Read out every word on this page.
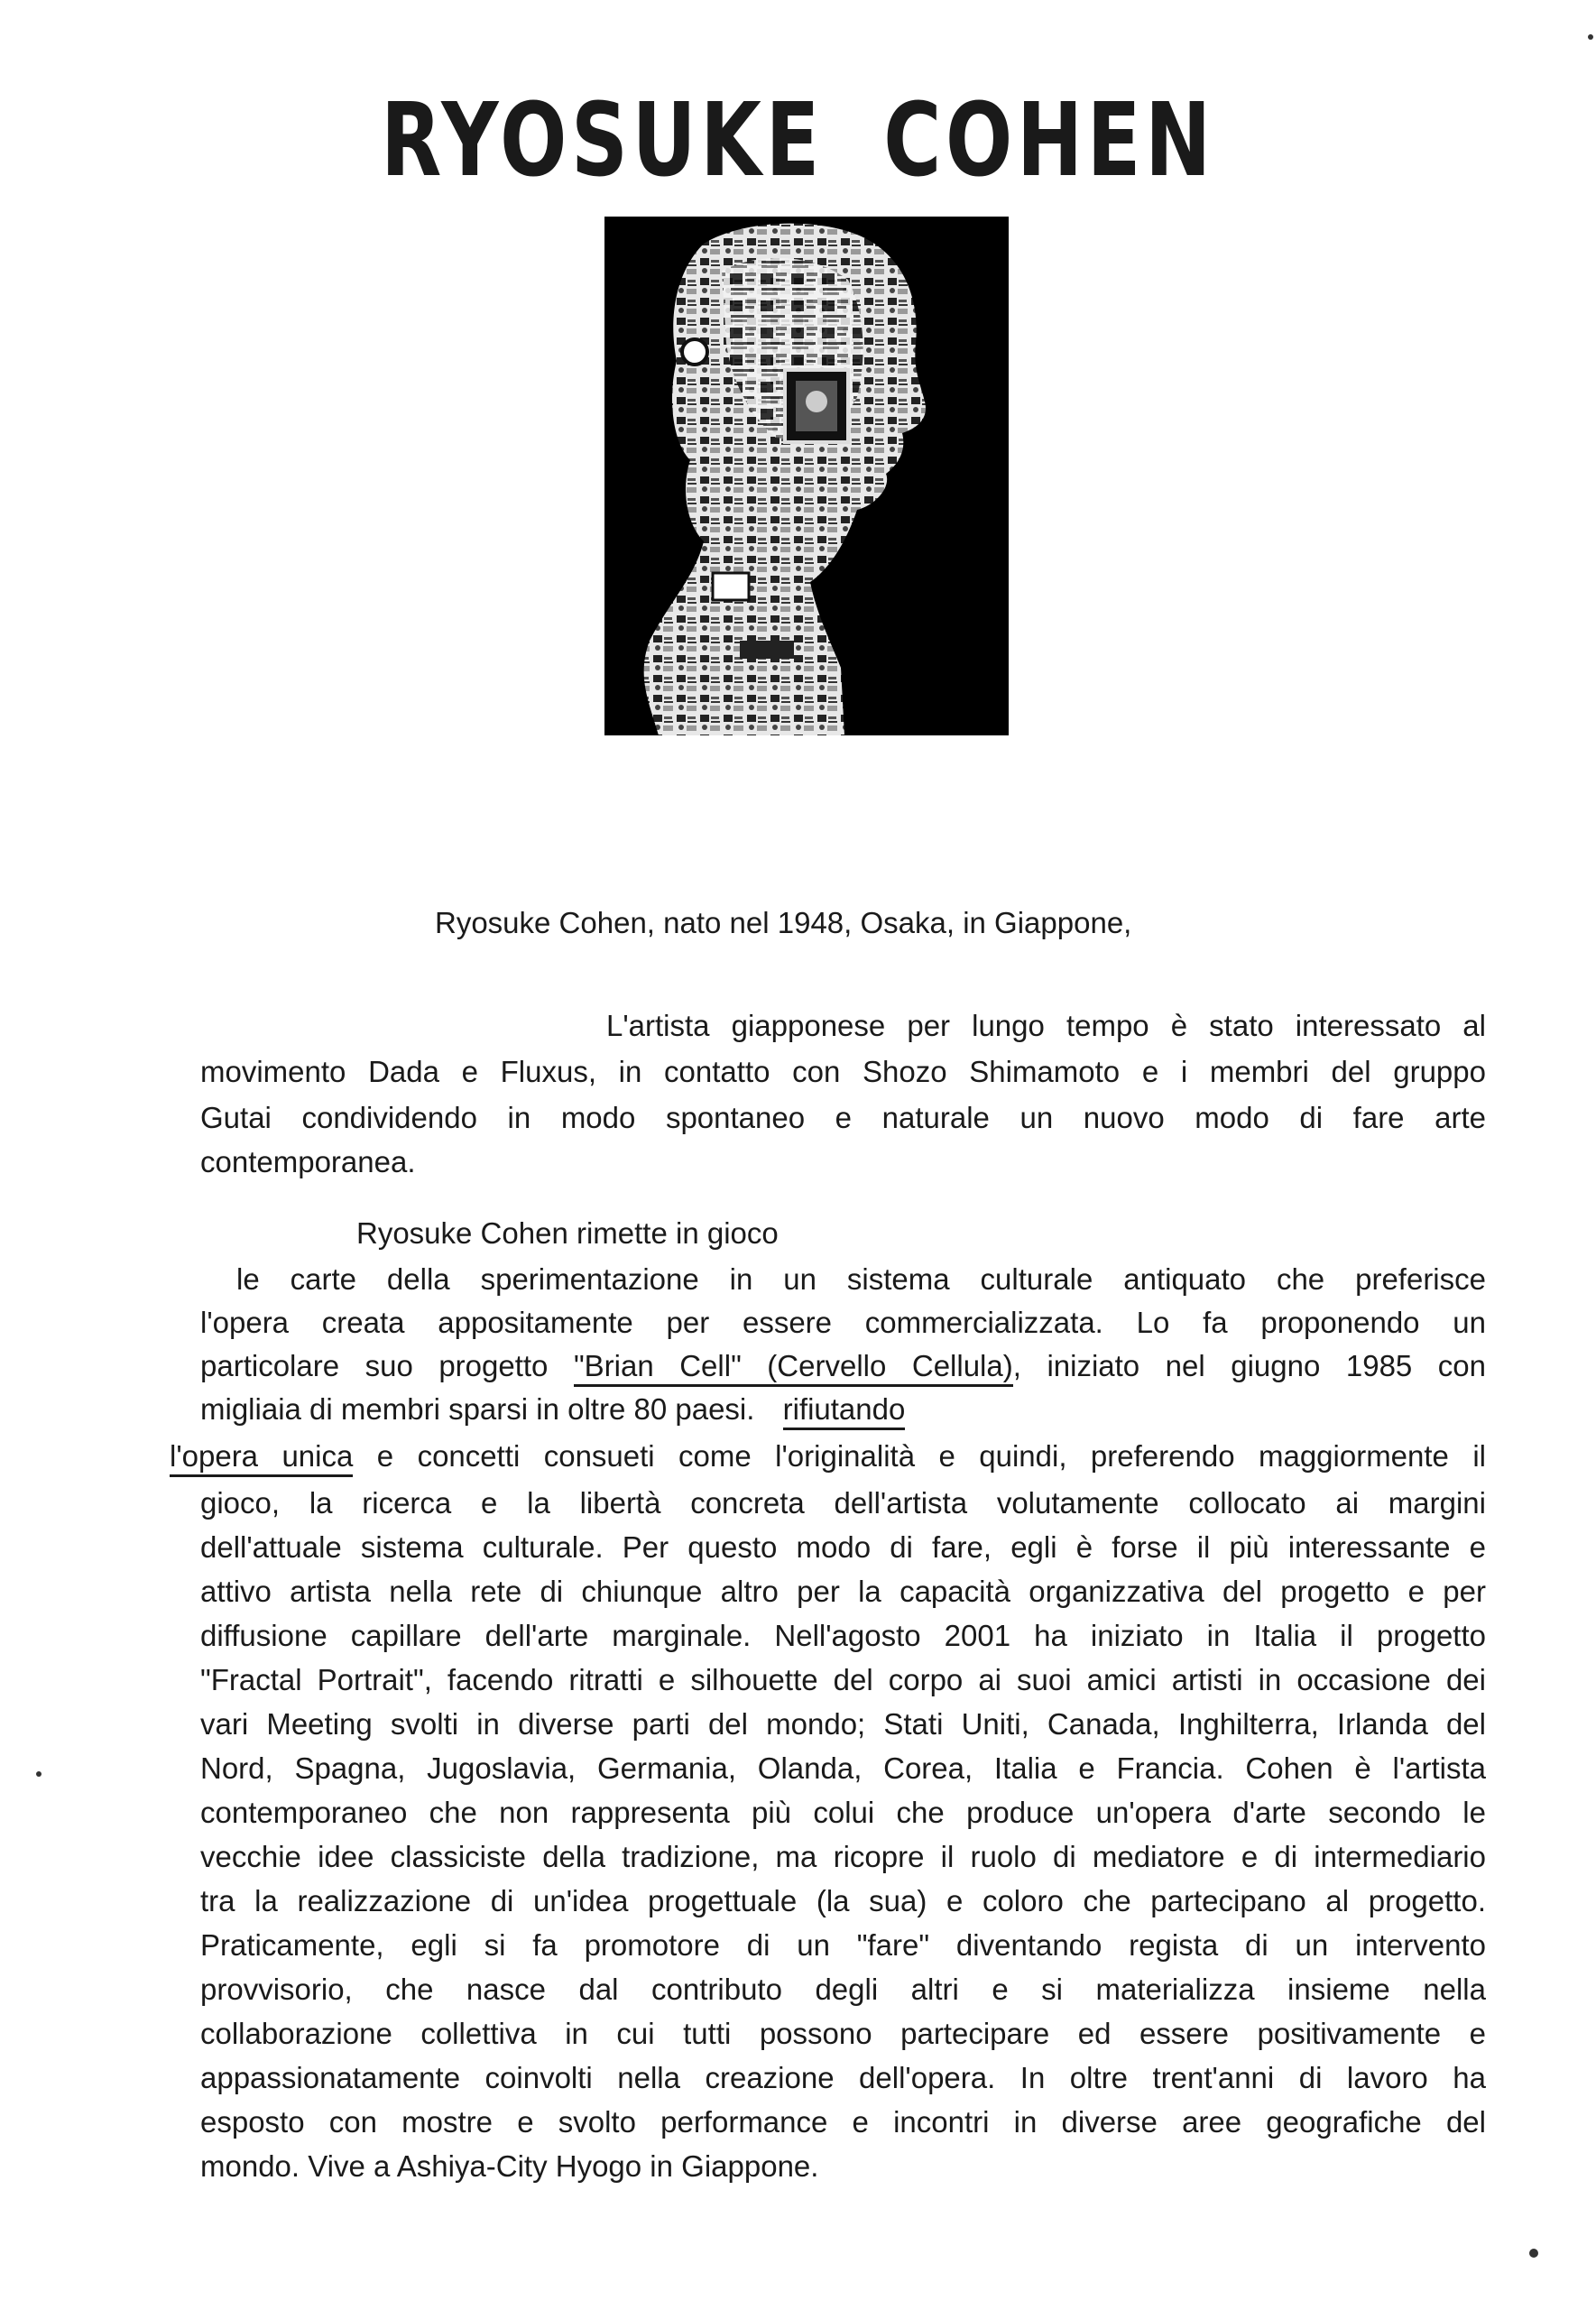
RYOSUKE COHEN
Ryosuke Cohen, nato nel 1948, Osaka, in Giappone,
L'artista giapponese per lungo tempo è stato interessato al
movimento Dada e Fluxus, in contatto con Shozo Shimamoto e i membri del gruppo
Gutai condividendo in modo spontaneo e naturale un nuovo modo di fare arte
contemporanea.
Ryosuke Cohen rimette in gioco
le carte della sperimentazione in un sistema culturale antiquato che preferisce
l'opera creata appositamente per essere commercializzata. Lo fa proponendo un
particolare suo progetto "Brian Cell" (Cervello Cellula), iniziato nel giugno 1985 con
migliaia di membri sparsi in oltre 80 paesi. rifiutando
l'opera unica e concetti consueti come l'originalità e quindi, preferendo maggiormente il
gioco, la ricerca e la libertà concreta dell'artista volutamente collocato ai margini
dell'attuale sistema culturale. Per questo modo di fare, egli è forse il più interessante e
attivo artista nella rete di chiunque altro per la capacità organizzativa del progetto e per
diffusione capillare dell'arte marginale. Nell'agosto 2001 ha iniziato in Italia il progetto
"Fractal Portrait", facendo ritratti e silhouette del corpo ai suoi amici artisti in occasione dei
vari Meeting svolti in diverse parti del mondo; Stati Uniti, Canada, Inghilterra, Irlanda del
Nord, Spagna, Jugoslavia, Germania, Olanda, Corea, Italia e Francia. Cohen è l'artista
contemporaneo che non rappresenta più colui che produce un'opera d'arte secondo le
vecchie idee classiciste della tradizione, ma ricopre il ruolo di mediatore e di intermediario
tra la realizzazione di un'idea progettuale (la sua) e coloro che partecipano al progetto.
Praticamente, egli si fa promotore di un "fare" diventando regista di un intervento
provvisorio, che nasce dal contributo degli altri e si materializza insieme nella
collaborazione collettiva in cui tutti possono partecipare ed essere positivamente e
appassionatamente coinvolti nella creazione dell'opera. In oltre trent'anni di lavoro ha
esposto con mostre e svolto performance e incontri in diverse aree geografiche del
mondo. Vive a Ashiya-City Hyogo in Giappone.
